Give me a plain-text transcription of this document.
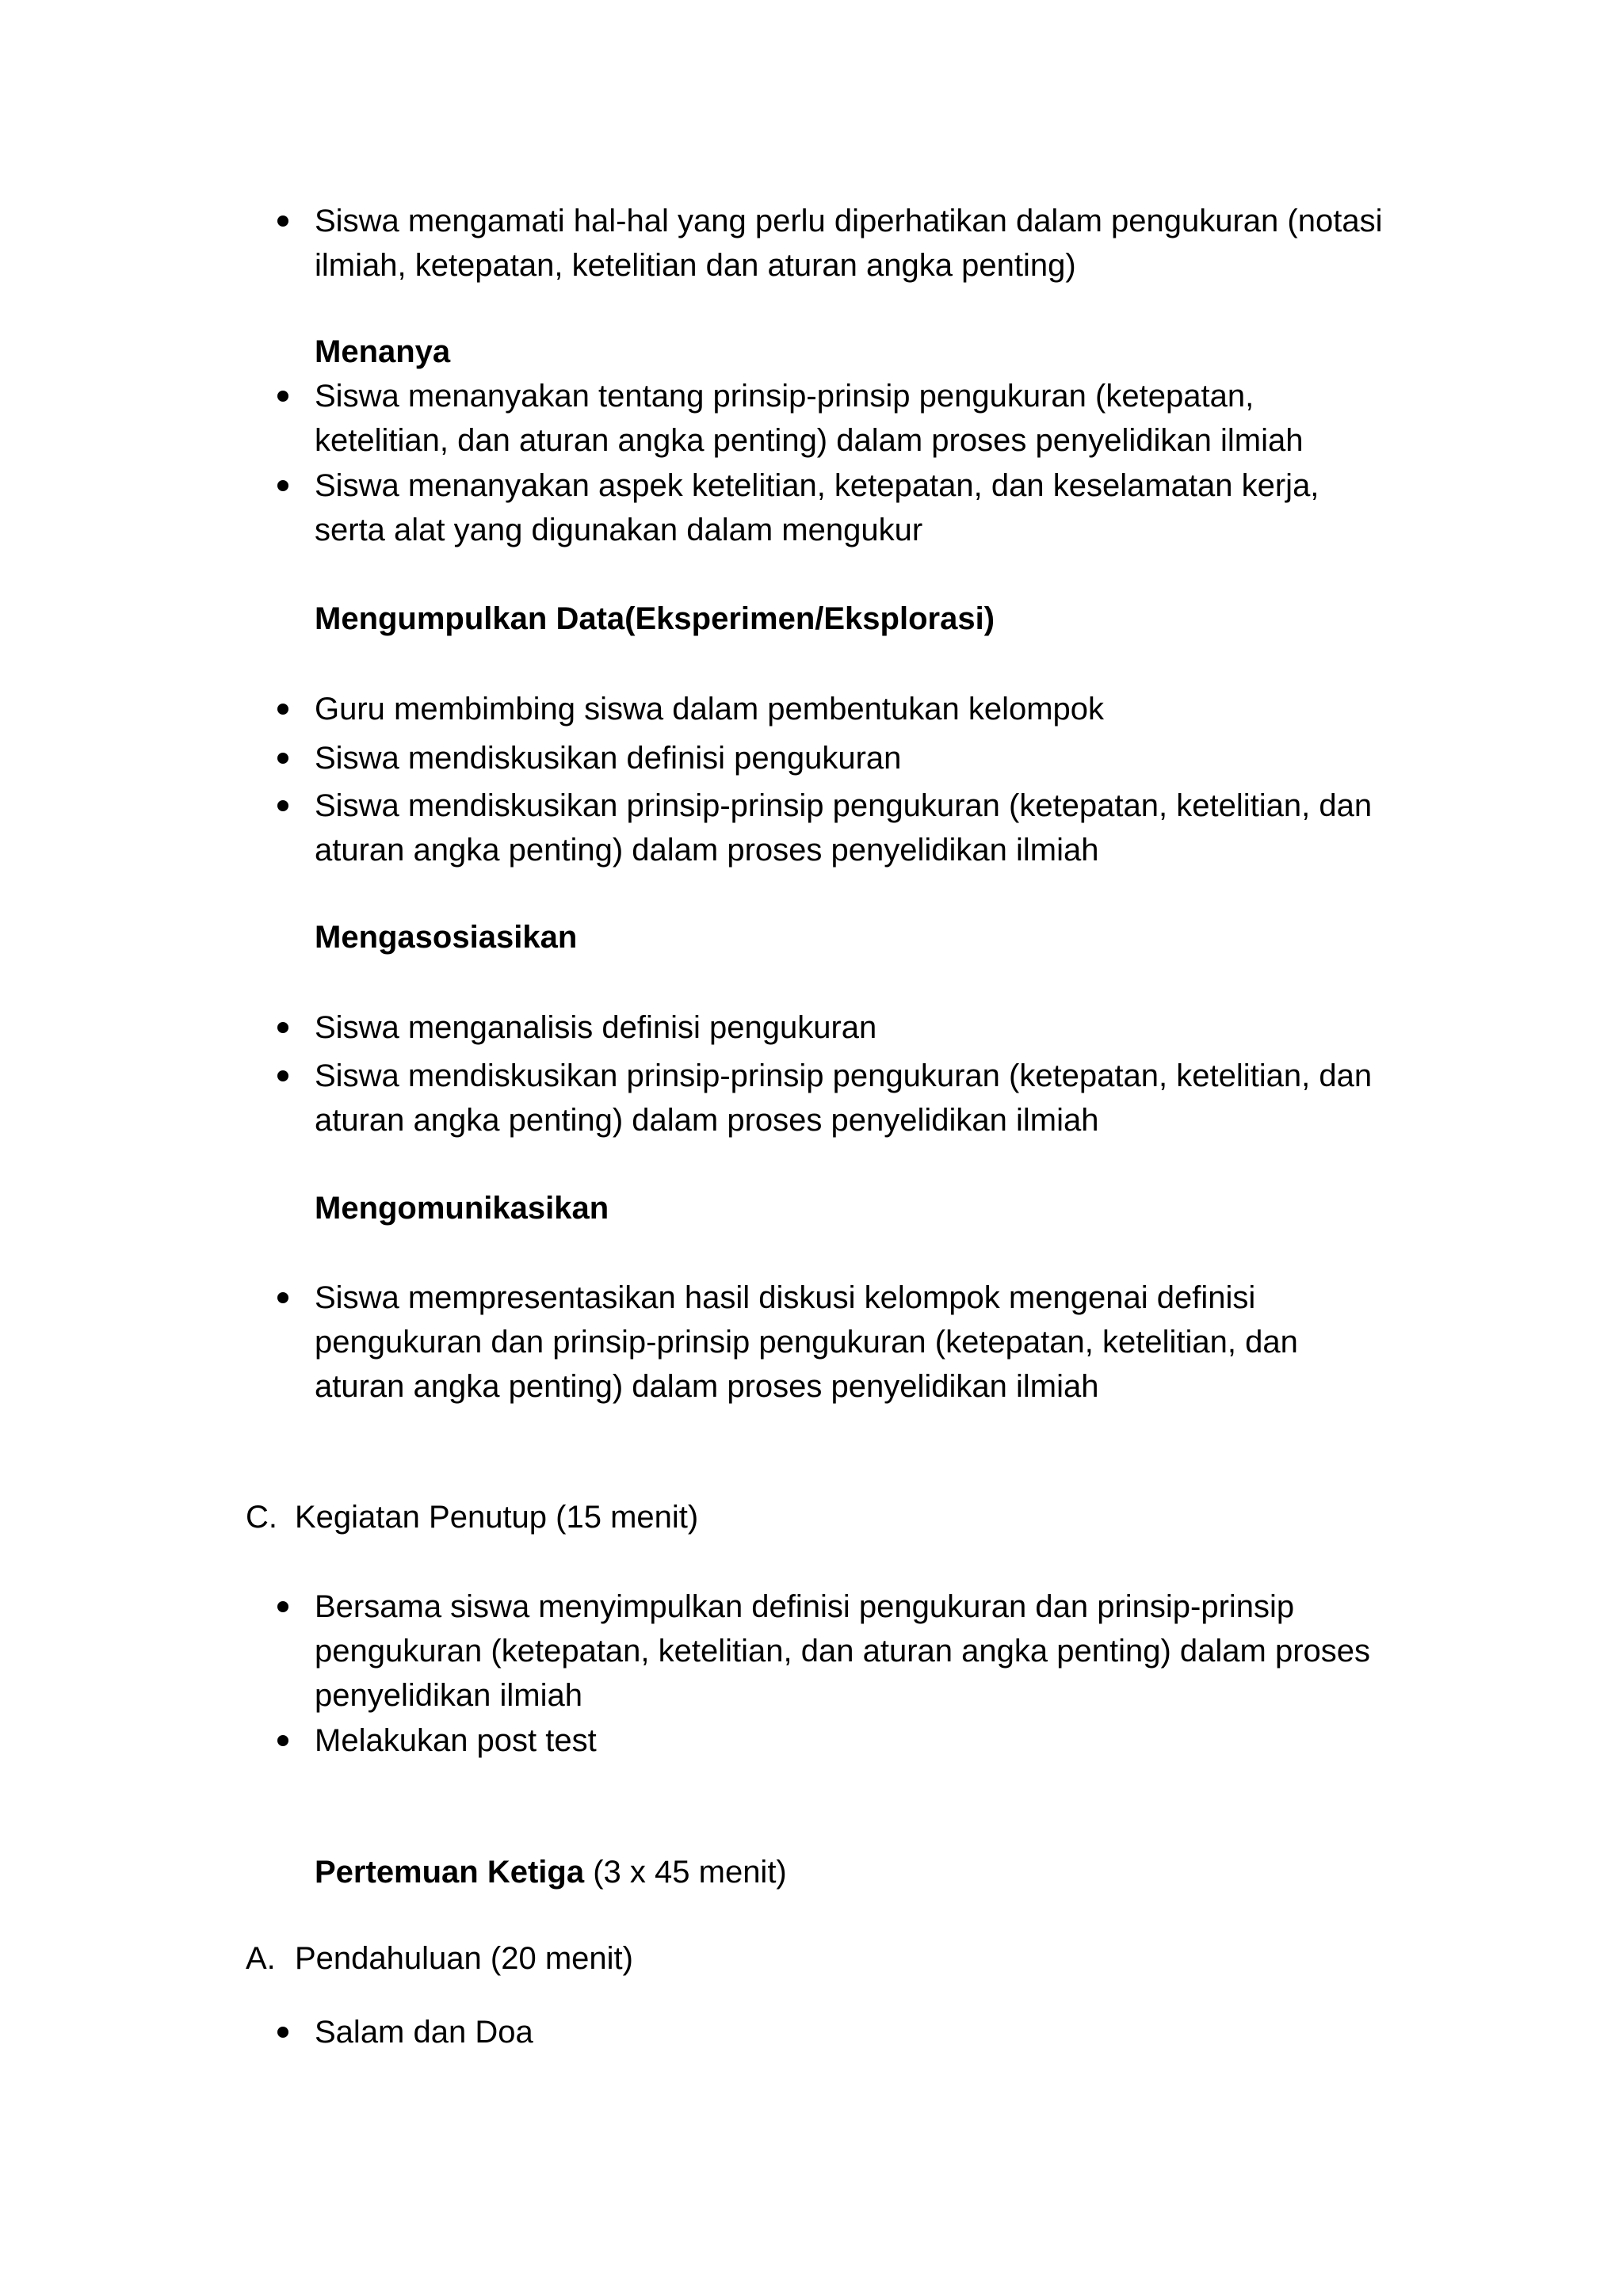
Siswa mengamati hal-hal yang perlu diperhatikan dalam pengukuran (notasi
ilmiah, ketepatan, ketelitian dan aturan angka penting)
Menanya
Siswa menanyakan tentang prinsip-prinsip pengukuran (ketepatan,
ketelitian, dan aturan angka penting) dalam proses penyelidikan ilmiah
Siswa menanyakan aspek ketelitian, ketepatan, dan keselamatan kerja,
serta alat yang digunakan dalam mengukur
Mengumpulkan Data(Eksperimen/Eksplorasi)
Guru membimbing siswa dalam pembentukan kelompok
Siswa mendiskusikan definisi pengukuran
Siswa mendiskusikan prinsip-prinsip pengukuran (ketepatan, ketelitian, dan
aturan angka penting) dalam proses penyelidikan ilmiah
Mengasosiasikan
Siswa menganalisis definisi pengukuran
Siswa mendiskusikan prinsip-prinsip pengukuran (ketepatan, ketelitian, dan
aturan angka penting) dalam proses penyelidikan ilmiah
Mengomunikasikan
Siswa mempresentasikan hasil diskusi kelompok mengenai definisi
pengukuran dan prinsip-prinsip pengukuran (ketepatan, ketelitian, dan
aturan angka penting) dalam proses penyelidikan ilmiah
C. Kegiatan Penutup (15 menit)
Bersama siswa menyimpulkan definisi pengukuran dan prinsip-prinsip
pengukuran (ketepatan, ketelitian, dan aturan angka penting) dalam proses
penyelidikan ilmiah
Melakukan post test
Pertemuan Ketiga (3 x 45 menit)
A. Pendahuluan (20 menit)
Salam dan Doa
